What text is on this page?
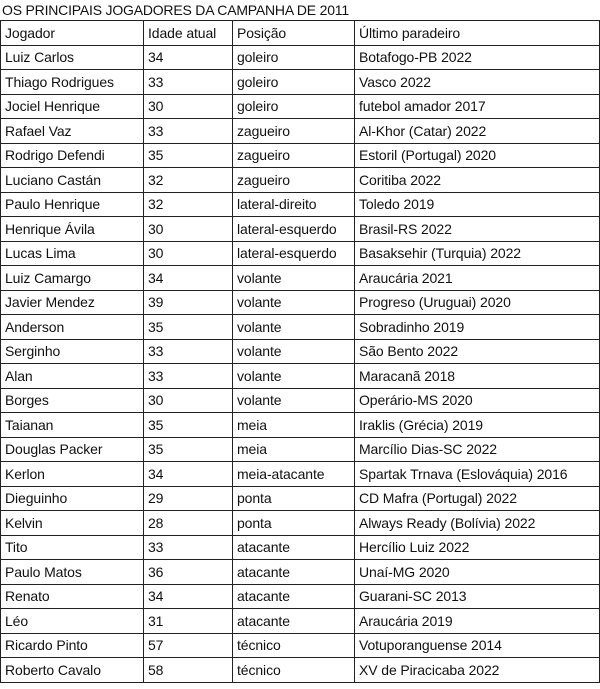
OS PRINCIPAIS JOGADORES DA CAMPANHA DE 2011
Jogador	Idade atual	Posição	Último paradeiro
Luiz Carlos	34	goleiro	Botafogo-PB 2022
Thiago Rodrigues	33	goleiro	Vasco 2022
Jociel Henrique	30	goleiro	futebol amador 2017
Rafael Vaz	33	zagueiro	Al-Khor (Catar) 2022
Rodrigo Defendi	35	zagueiro	Estoril (Portugal) 2020
Luciano Castán	32	zagueiro	Coritiba 2022
Paulo Henrique	32	lateral-direito	Toledo 2019
Henrique Ávila	30	lateral-esquerdo	Brasil-RS 2022
Lucas Lima	30	lateral-esquerdo	Basaksehir (Turquia) 2022
Luiz Camargo	34	volante	Araucária 2021
Javier Mendez	39	volante	Progreso (Uruguai) 2020
Anderson	35	volante	Sobradinho 2019
Serginho	33	volante	São Bento 2022
Alan	33	volante	Maracanã 2018
Borges	30	volante	Operário-MS 2020
Taianan	35	meia	Iraklis (Grécia) 2019
Douglas Packer	35	meia	Marcílio Dias-SC 2022
Kerlon	34	meia-atacante	Spartak Trnava (Eslováquia) 2016
Dieguinho	29	ponta	CD Mafra (Portugal) 2022
Kelvin	28	ponta	Always Ready (Bolívia) 2022
Tito	33	atacante	Hercílio Luiz 2022
Paulo Matos	36	atacante	Unaí-MG 2020
Renato	34	atacante	Guarani-SC 2013
Léo	31	atacante	Araucária 2019
Ricardo Pinto	57	técnico	Votuporanguense 2014
Roberto Cavalo	58	técnico	XV de Piracicaba 2022
